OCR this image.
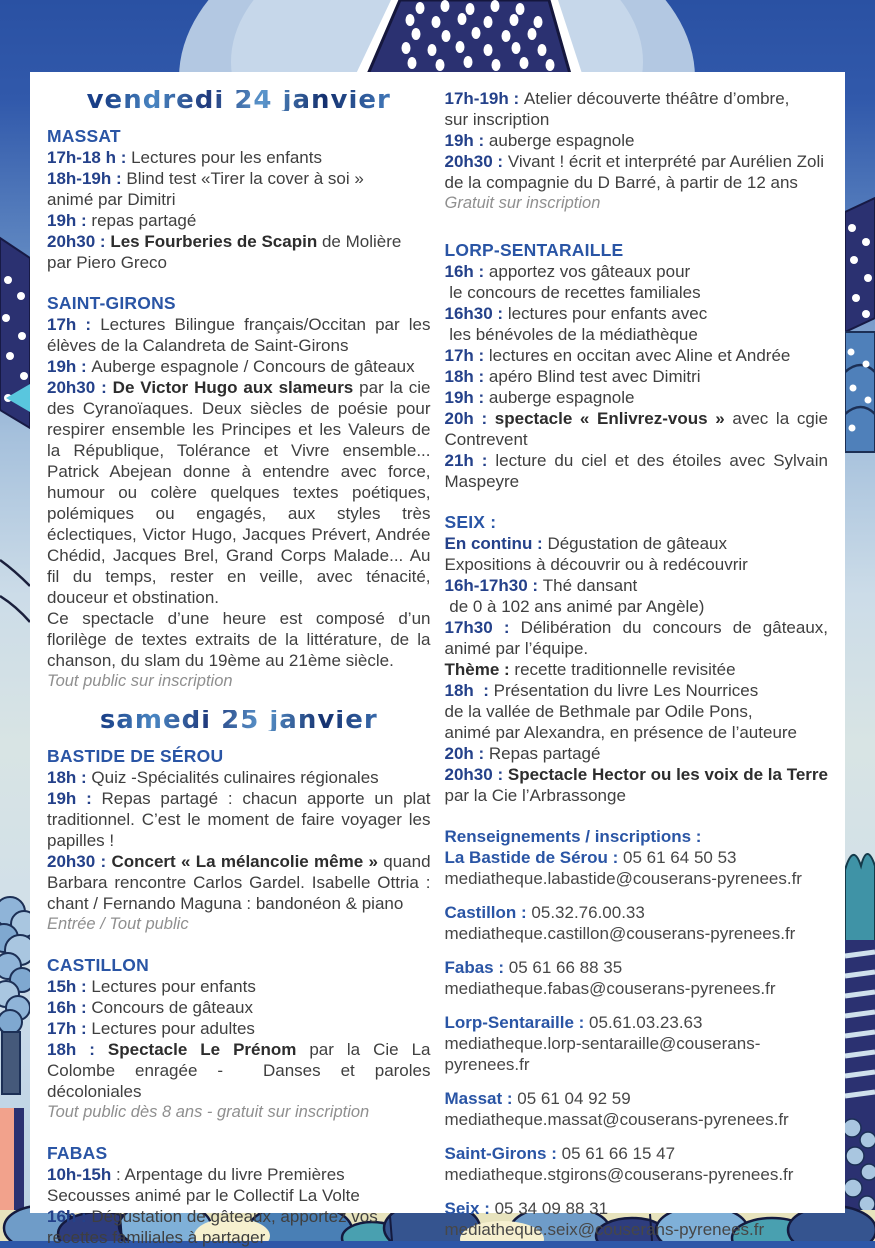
vendredi 24 janvier

MASSAT

17h-18 h : Lectures pour les enfants

18h-19h : Blind test «Tirer la cover à soi »

animé par Dimitri

19h : repas partagé

20h30 : Les Fourberies de Scapin de Molière

par Piero Greco

SAINT-GIRONS

17h : Lectures Bilingue français/Occitan par les élèves de la Calandreta de Saint-Girons

19h : Auberge espagnole / Concours de gâteaux

20h30 : De Victor Hugo aux slameurs par la cie des Cyranoïaques. Deux siècles de poésie pour respirer ensemble les Principes et les Valeurs de la République, Tolérance et Vivre ensemble... Patrick Abejean donne à entendre avec force, humour ou colère quelques textes poétiques, polémiques ou engagés, aux styles très éclectiques, Victor Hugo, Jacques Prévert, Andrée Chédid, Jacques Brel, Grand Corps Malade... Au fil du temps, rester en veille, avec ténacité, douceur et obstination.

Ce spectacle d’une heure est composé d’un florilège de textes extraits de la littérature, de la chanson, du slam du 19ème au 21ème siècle.

Tout public sur inscription

samedi 25 janvier

BASTIDE DE SÉROU

18h : Quiz -Spécialités culinaires régionales

19h : Repas partagé : chacun apporte un plat traditionnel. C’est le moment de faire voyager les papilles !

20h30 : Concert « La mélancolie même » quand Barbara rencontre Carlos Gardel. Isabelle Ottria : chant / Fernando Maguna : bandonéon & piano

Entrée / Tout public

CASTILLON

15h : Lectures pour enfants

16h : Concours de gâteaux

17h : Lectures pour adultes

18h : Spectacle Le Prénom par la Cie La Colombe enragée -  Danses et paroles décoloniales

Tout public dès 8 ans - gratuit sur inscription

FABAS

10h-15h : Arpentage du livre Premières

Secousses animé par le Collectif La Volte

16h : Dégustation de gâteaux, apportez vos recettes familiales à partager

17h-19h : Atelier découverte théâtre d’ombre,

sur inscription

19h : auberge espagnole

20h30 : Vivant ! écrit et interprété par Aurélien Zoli de la compagnie du D Barré, à partir de 12 ans

Gratuit sur inscription

LORP-SENTARAILLE

16h : apportez vos gâteaux pour

le concours de recettes familiales

16h30 : lectures pour enfants avec

les bénévoles de la médiathèque

17h : lectures en occitan avec Aline et Andrée

18h : apéro Blind test avec Dimitri

19h : auberge espagnole

20h : spectacle « Enlivrez-vous » avec la cgie Contrevent

21h : lecture du ciel et des étoiles avec Sylvain Maspeyre

SEIX :

En continu : Dégustation de gâteaux

Expositions à découvrir ou à redécouvrir

16h-17h30 : Thé dansant

de 0 à 102 ans animé par Angèle)

17h30 : Délibération du concours de gâteaux, animé par l’équipe.

Thème : recette traditionnelle revisitée

18h  : Présentation du livre Les Nourrices

de la vallée de Bethmale par Odile Pons,

animé par Alexandra, en présence de l’auteure

20h : Repas partagé

20h30 : Spectacle Hector ou les voix de la Terre par la Cie l’Arbrassonge

Renseignements / inscriptions :

La Bastide de Sérou : 05 61 64 50 53
mediatheque.labastide@couserans-pyrenees.fr
Castillon : 05.32.76.00.33
mediatheque.castillon@couserans-pyrenees.fr
Fabas : 05 61 66 88 35
mediatheque.fabas@couserans-pyrenees.fr
Lorp-Sentaraille : 05.61.03.23.63
mediatheque.lorp-sentaraille@couserans-pyrenees.fr
Massat : 05 61 04 92 59
mediatheque.massat@couserans-pyrenees.fr
Saint-Girons : 05 61 66 15 47
mediatheque.stgirons@couserans-pyrenees.fr
Seix : 05 34 09 88 31
mediatheque.seix@couserans-pyrenees.fr
